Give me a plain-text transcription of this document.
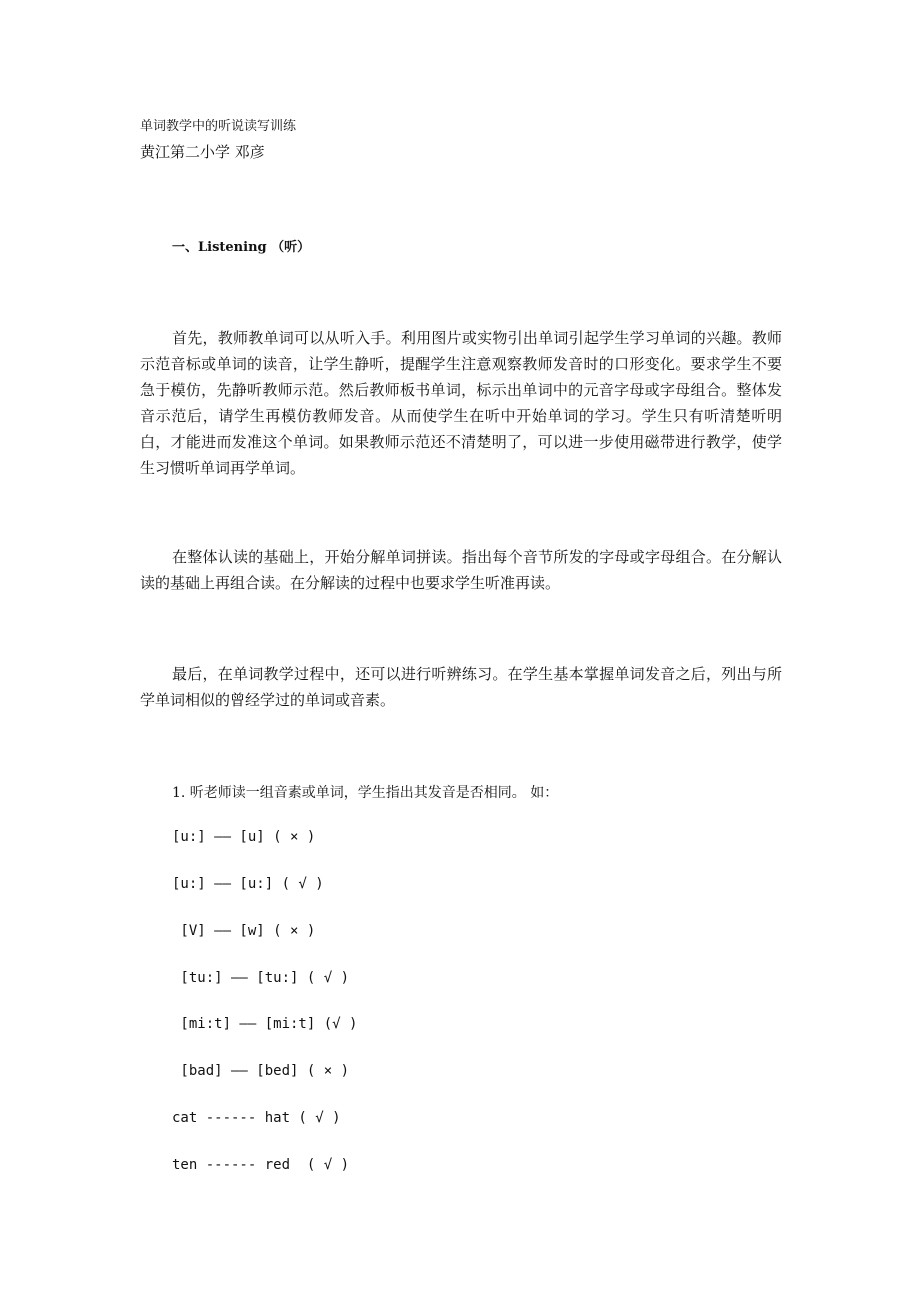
单词教学中的听说读写训练
黄江第二小学 邓彦
一、Listening （听）

首先，教师教单词可以从听入手。利用图片或实物引出单词引起学生学习单词的兴趣。教师示范音标或单词的读音，让学生静听，提醒学生注意观察教师发音时的口形变化。要求学生不要急于模仿，先静听教师示范。然后教师板书单词，标示出单词中的元音字母或字母组合。整体发音示范后，请学生再模仿教师发音。从而使学生在听中开始单词的学习。学生只有听清楚听明白，才能进而发准这个单词。如果教师示范还不清楚明了，可以进一步使用磁带进行教学，使学生习惯听单词再学单词。

在整体认读的基础上，开始分解单词拼读。指出每个音节所发的字母或字母组合。在分解认读的基础上再组合读。在分解读的过程中也要求学生听准再读。

最后，在单词教学过程中，还可以进行听辨练习。在学生基本掌握单词发音之后，列出与所学单词相似的曾经学过的单词或音素。

1. 听老师读一组音素或单词，学生指出其发音是否相同。 如：
[u:] —— [u] ( × )
[u:] —— [u:] ( √ )
[V] —— [w] ( × )
[tu:] —— [tu:] ( √ )
[mi:t] —— [mi:t] (√ )
[bad] —— [bed] ( × )
cat ------ hat ( √ )
ten ------ red  ( √ )
